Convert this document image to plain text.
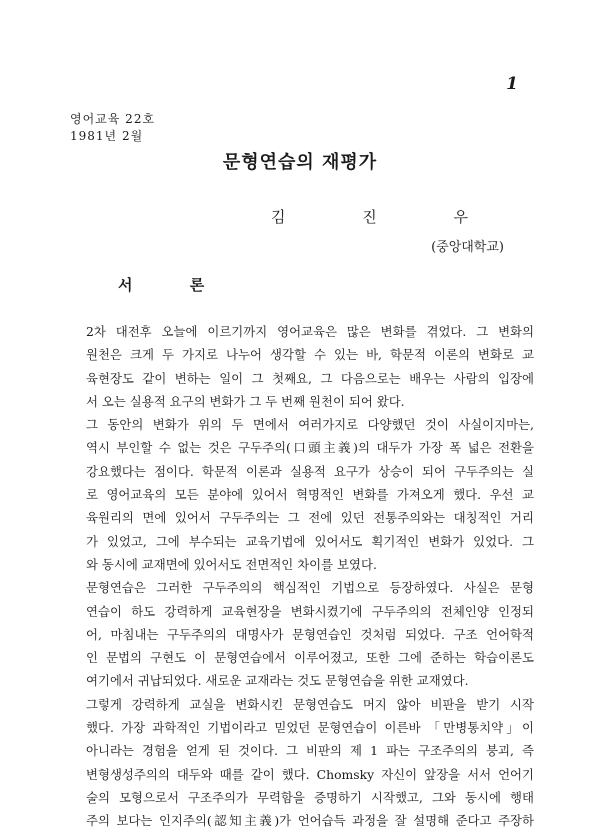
1
영어교육 22호
1981년 2월
문형연습의 재평가
김 진 우
(중앙대학교)
서 론

2차 대전후 오늘에 이르기까지 영어교육은 많은 변화를 겪었다. 그 변화의
원천은 크게 두 가지로 나누어 생각할 수 있는 바, 학문적 이론의 변화로 교
육현장도 같이 변하는 일이 그 첫째요, 그 다음으로는 배우는 사람의 입장에
서 오는 실용적 요구의 변화가 그 두 번째 원천이 되어 왔다.

그 동안의 변화가 위의 두 면에서 여러가지로 다양했던 것이 사실이지마는,
역시 부인할 수 없는 것은 구두주의(口頭主義)의 대두가 가장 폭 넓은 전환을
강요했다는 점이다. 학문적 이론과 실용적 요구가 상승이 되어 구두주의는 실
로 영어교육의 모든 분야에 있어서 혁명적인 변화를 가져오게 했다. 우선 교
육원리의 면에 있어서 구두주의는 그 전에 있던 전통주의와는 대칭적인 거리
가 있었고, 그에 부수되는 교육기법에 있어서도 획기적인 변화가 있었다. 그
와 동시에 교재면에 있어서도 전면적인 차이를 보였다.

문형연습은 그러한 구두주의의 핵심적인 기법으로 등장하였다. 사실은 문형
연습이 하도 강력하게 교육현장을 변화시켰기에 구두주의의 전체인양 인정되
어, 마침내는 구두주의의 대명사가 문형연습인 것처럼 되었다. 구조 언어학적
인 문법의 구현도 이 문형연습에서 이루어졌고, 또한 그에 준하는 학습이론도
여기에서 귀납되었다. 새로운 교재라는 것도 문형연습을 위한 교재였다.

그렇게 강력하게 교실을 변화시킨 문형연습도 머지 않아 비판을 받기 시작
했다. 가장 과학적인 기법이라고 믿었던 문형연습이 이른바 「만병통치약」이
아니라는 경험을 얻게 된 것이다. 그 비판의 제 1 파는 구조주의의 붕괴, 즉
변형생성주의의 대두와 때를 같이 했다. Chomsky 자신이 앞장을 서서 언어기
술의 모형으로서 구조주의가 무력함을 증명하기 시작했고, 그와 동시에 행태
주의 보다는 인지주의(認知主義)가 언어습득 과정을 잘 설명해 준다고 주장하
